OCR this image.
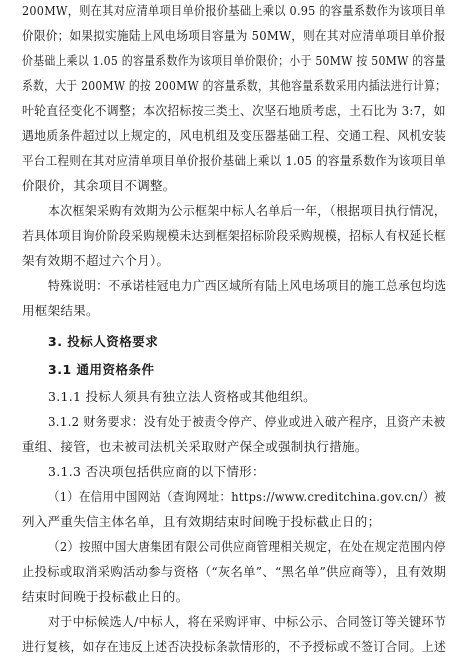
200MW，则在其对应清单项目单价报价基础上乘以 0.95 的容量系数作为该项目单
价限价；如果拟实施陆上风电场项目容量为 50MW，则在其对应清单项目单价报
价基础上乘以 1.05 的容量系数作为该项目单价限价；小于 50MW 按 50MW 的容量
系数，大于 200MW 的按 200MW 的容量系数，其他容量系数采用内插法进行计算；
叶轮直径变化不调整；本次招标按三类土、次坚石地质考虑，土石比为 3:7，如
遇地质条件超过以上规定的，风电机组及变压器基础工程、交通工程、风机安装
平台工程则在其对应清单项目单价报价基础上乘以 1.05 的容量系数作为该项目单
价限价，其余项目不调整。
本次框架采购有效期为公示框架中标人名单后一年，（根据项目执行情况，
若具体项目询价阶段采购规模未达到框架招标阶段采购规模，招标人有权延长框
架有效期不超过六个月）。
特殊说明：不承诺桂冠电力广西区域所有陆上风电场项目的施工总承包均选
用框架结果。
3. 投标人资格要求
3.1 通用资格条件
3.1.1 投标人须具有独立法人资格或其他组织。
3.1.2 财务要求：没有处于被责令停产、停业或进入破产程序，且资产未被
重组、接管，也未被司法机关采取财产保全或强制执行措施。
3.1.3 否决项包括供应商的以下情形：
（1）在信用中国网站（查询网址：https://www.creditchina.gov.cn/）被
列入严重失信主体名单，且有效期结束时间晚于投标截止日的；
（2）按照中国大唐集团有限公司供应商管理相关规定，在处在规定范围内停
止投标或取消采购活动参与资格（“灰名单”、“黑名单”供应商等），且有效期
结束时间晚于投标截止日的。
对于中标候选人/中标人，将在采购评审、中标公示、合同签订等关键环节
进行复核，如存在违反上述否决投标条款情形的，不予授标或不签订合同。上述
